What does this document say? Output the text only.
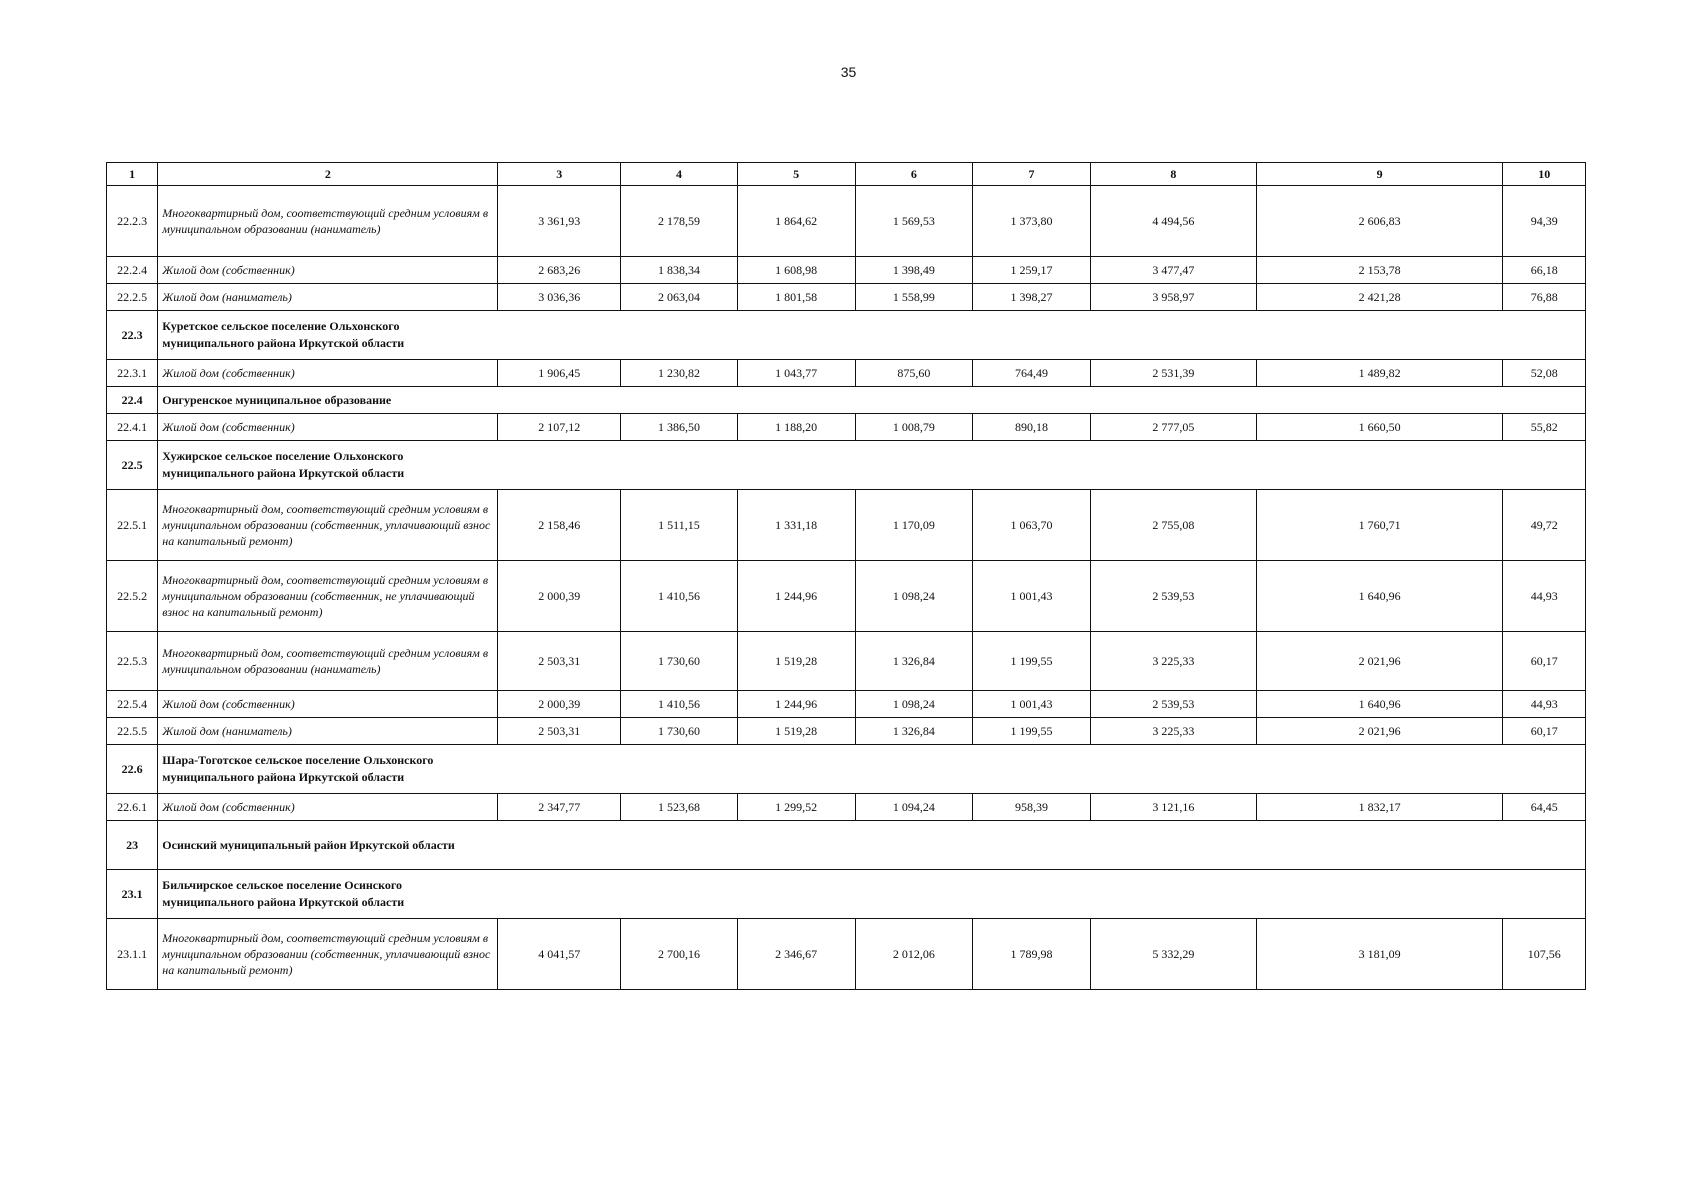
35
1	2	3	4	5	6	7	8	9	10
22.2.3	Многоквартирный дом, соответствующий средним условиям в муниципальном образовании (наниматель)	3 361,93	2 178,59	1 864,62	1 569,53	1 373,80	4 494,56	2 606,83	94,39
22.2.4	Жилой дом (собственник)	2 683,26	1 838,34	1 608,98	1 398,49	1 259,17	3 477,47	2 153,78	66,18
22.2.5	Жилой дом (наниматель)	3 036,36	2 063,04	1 801,58	1 558,99	1 398,27	3 958,97	2 421,28	76,88
22.3	Куретское сельское поселение Ольхонского муниципального района Иркутской области								

22.3.1	Жилой дом (собственник)	1 906,45	1 230,82	1 043,77	875,60	764,49	2 531,39	1 489,82	52,08
22.4	Онгуренское муниципальное образование								

22.4.1	Жилой дом (собственник)	2 107,12	1 386,50	1 188,20	1 008,79	890,18	2 777,05	1 660,50	55,82
22.5	Хужирское сельское поселение Ольхонского муниципального района Иркутской области								

22.5.1	Многоквартирный дом, соответствующий средним условиям в муниципальном образовании (собственник, уплачивающий взнос на капитальный ремонт)	2 158,46	1 511,15	1 331,18	1 170,09	1 063,70	2 755,08	1 760,71	49,72
22.5.2	Многоквартирный дом, соответствующий средним условиям в муниципальном образовании (собственник, не уплачивающий взнос на капитальный ремонт)	2 000,39	1 410,56	1 244,96	1 098,24	1 001,43	2 539,53	1 640,96	44,93
22.5.3	Многоквартирный дом, соответствующий средним условиям в муниципальном образовании (наниматель)	2 503,31	1 730,60	1 519,28	1 326,84	1 199,55	3 225,33	2 021,96	60,17
22.5.4	Жилой дом (собственник)	2 000,39	1 410,56	1 244,96	1 098,24	1 001,43	2 539,53	1 640,96	44,93
22.5.5	Жилой дом (наниматель)	2 503,31	1 730,60	1 519,28	1 326,84	1 199,55	3 225,33	2 021,96	60,17
22.6	Шара-Тоготское сельское поселение Ольхонского муниципального района Иркутской области								

22.6.1	Жилой дом (собственник)	2 347,77	1 523,68	1 299,52	1 094,24	958,39	3 121,16	1 832,17	64,45
23	Осинский муниципальный район Иркутской области								

23.1	Бильчирское сельское поселение Осинского муниципального района Иркутской области								

23.1.1	Многоквартирный дом, соответствующий средним условиям в муниципальном образовании (собственник, уплачивающий взнос на капитальный ремонт)	4 041,57	2 700,16	2 346,67	2 012,06	1 789,98	5 332,29	3 181,09	107,56
